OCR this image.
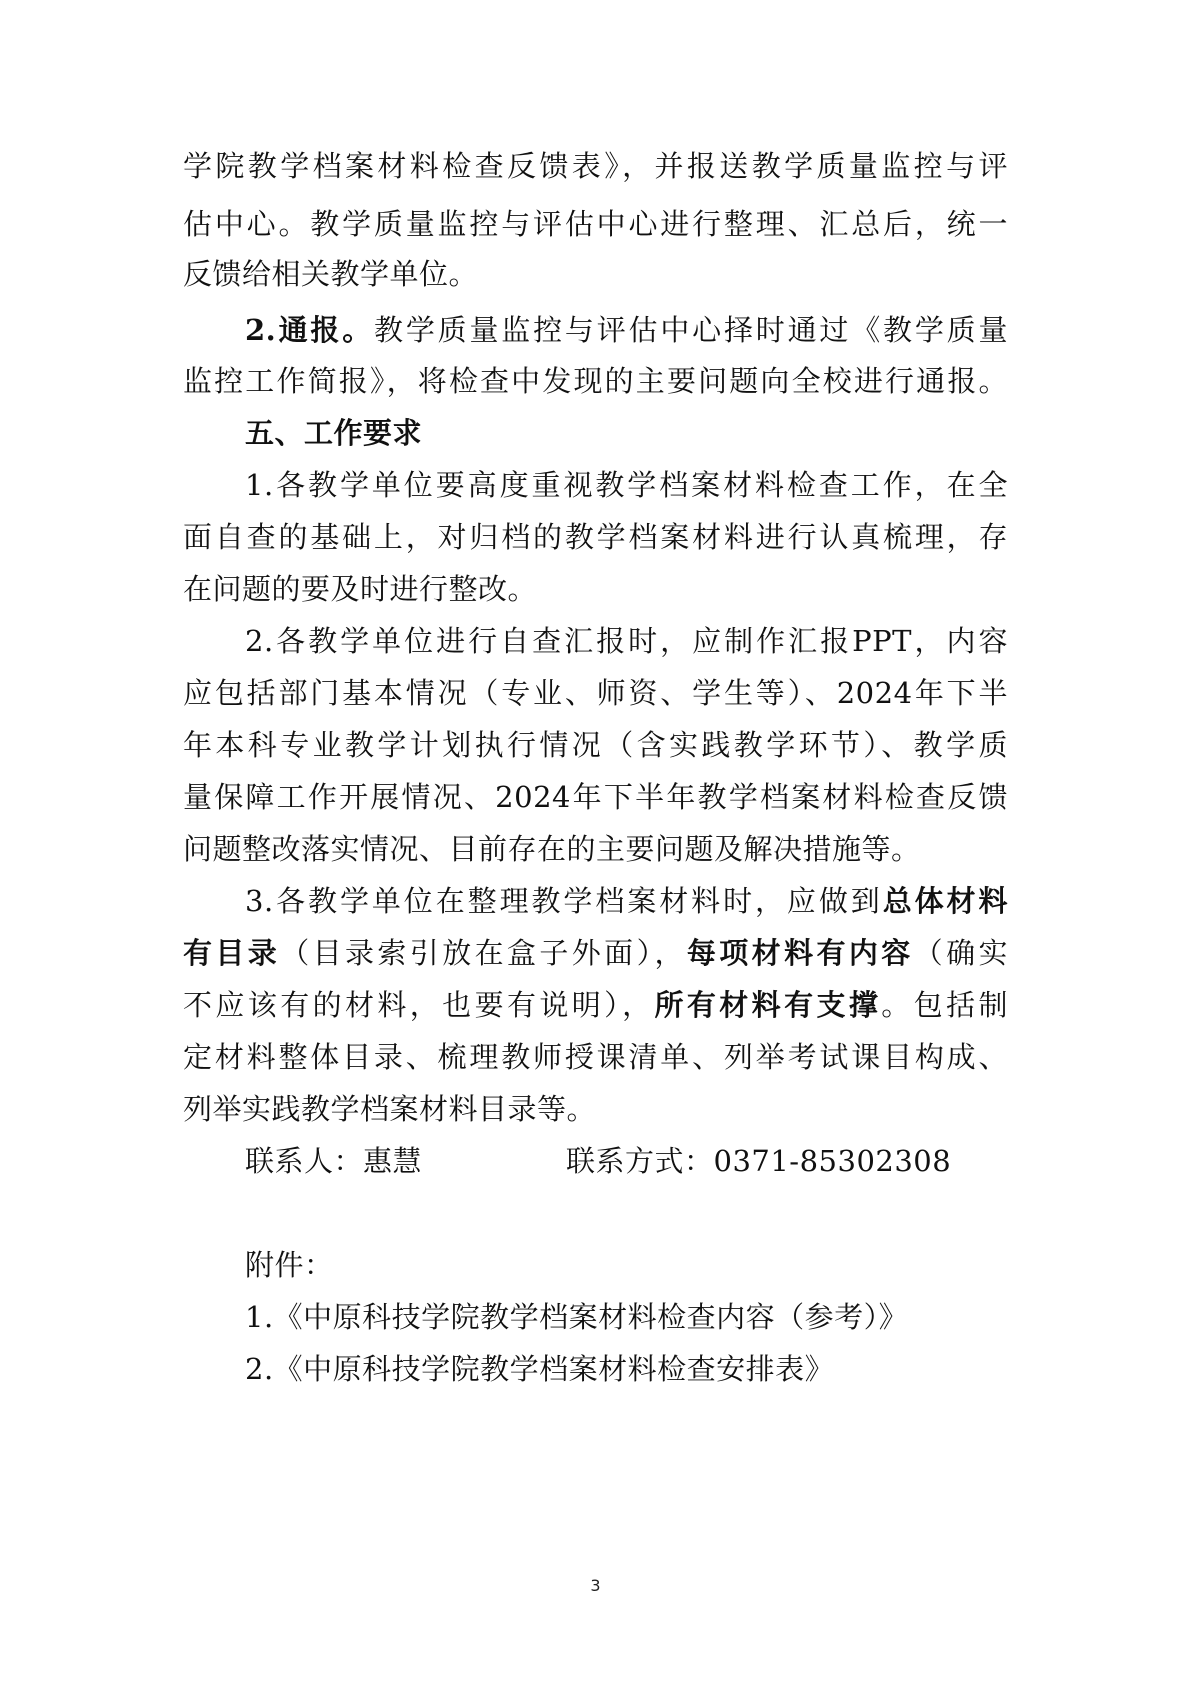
学院教学档案材料检查反馈表》，并报送教学质量监控与评
估中心。教学质量监控与评估中心进行整理、汇总后，统一
反馈给相关教学单位。
2.通报。教学质量监控与评估中心择时通过《教学质量
监控工作简报》，将检查中发现的主要问题向全校进行通报。
五、工作要求
1.各教学单位要高度重视教学档案材料检查工作，在全
面自查的基础上，对归档的教学档案材料进行认真梳理，存
在问题的要及时进行整改。
2.各教学单位进行自查汇报时，应制作汇报PPT，内容
应包括部门基本情况（专业、师资、学生等）、2024年下半
年本科专业教学计划执行情况（含实践教学环节）、教学质
量保障工作开展情况、2024年下半年教学档案材料检查反馈
问题整改落实情况、目前存在的主要问题及解决措施等。
3.各教学单位在整理教学档案材料时，应做到总体材料
有目录（目录索引放在盒子外面），每项材料有内容（确实
不应该有的材料，也要有说明），所有材料有支撑。包括制
定材料整体目录、梳理教师授课清单、列举考试课目构成、
列举实践教学档案材料目录等。
联系人：惠慧	联系方式：0371-85302308
附件：
1.《中原科技学院教学档案材料检查内容（参考）》
2.《中原科技学院教学档案材料检查安排表》
3
